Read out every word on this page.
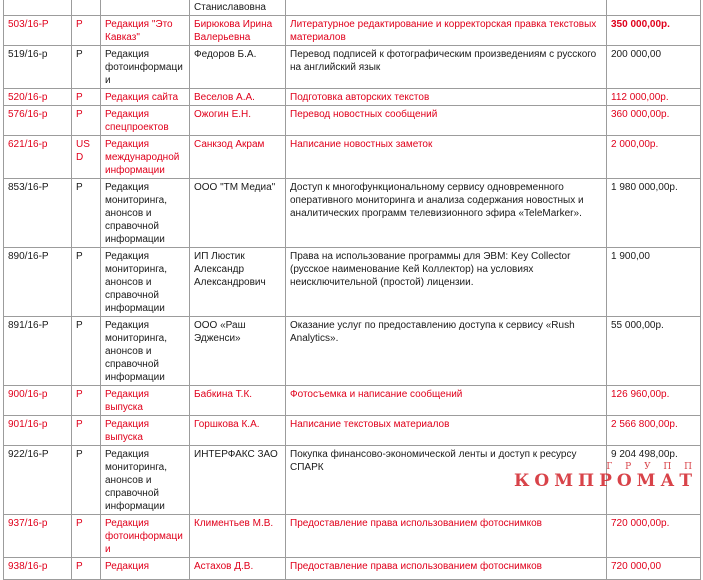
			Станиславовна		
503/16-Р	Р	Редакция "Это Кавказ"	Бирюкова Ирина Валерьевна	Литературное редактирование и корректорская правка текстовых материалов	350 000,00р.
519/16-р	Р	Редакция фотоинформации	Федоров Б.А.	Перевод подписей к фотографическим произведениям с русского на английский язык	200 000,00
520/16-р	Р	Редакция сайта	Веселов А.А.	Подготовка авторских текстов	112 000,00р.
576/16-р	Р	Редакция спецпроектов	Ожогин Е.Н.	Перевод новостных сообщений	360 000,00р.
621/16-р	US D	Редакция международной информации	Санкзод Акрам	Написание новостных заметок	2 000,00р.
853/16-Р	Р	Редакция мониторинга, анонсов и справочной информации	ООО "ТМ Медиа"	Доступ к многофункциональному сервису одновременного оперативного мониторинга и анализа содержания новостных и аналитических программ телевизионного эфира «TeleMarker».	1 980 000,00р.
890/16-Р	Р	Редакция мониторинга, анонсов и справочной информации	ИП Люстик Александр Александрович	Права на использование программы для ЭВМ: Key Collector (русское наименование Кей Коллектор) на условиях неисключительной (простой) лицензии.	1 900,00
891/16-Р	Р	Редакция мониторинга, анонсов и справочной информации	ООО «Раш Эдженси»	Оказание услуг по предоставлению доступа к сервису «Rush Analytics».	55 000,00р.
900/16-р	Р	Редакция выпуска	Бабкина Т.К.	Фотосъемка и написание сообщений	126 960,00р.
901/16-р	Р	Редакция выпуска	Горшкова К.А.	Написание текстовых материалов	2 566 800,00р.
922/16-Р	Р	Редакция мониторинга, анонсов и справочной информации	ИНТЕРФАКС ЗАО	Покупка финансово-экономической ленты и доступ к ресурсу СПАРК	9 204 498,00р.
937/16-р	Р	Редакция фотоинформации	Климентьев М.В.	Предоставление права использованием фотоснимков	720 000,00р.
938/16-р	Р	Редакция	Астахов Д.В.	Предоставление права использованием фотоснимков	720 000,00
Г Р У П П
КОМПРОМАТ
